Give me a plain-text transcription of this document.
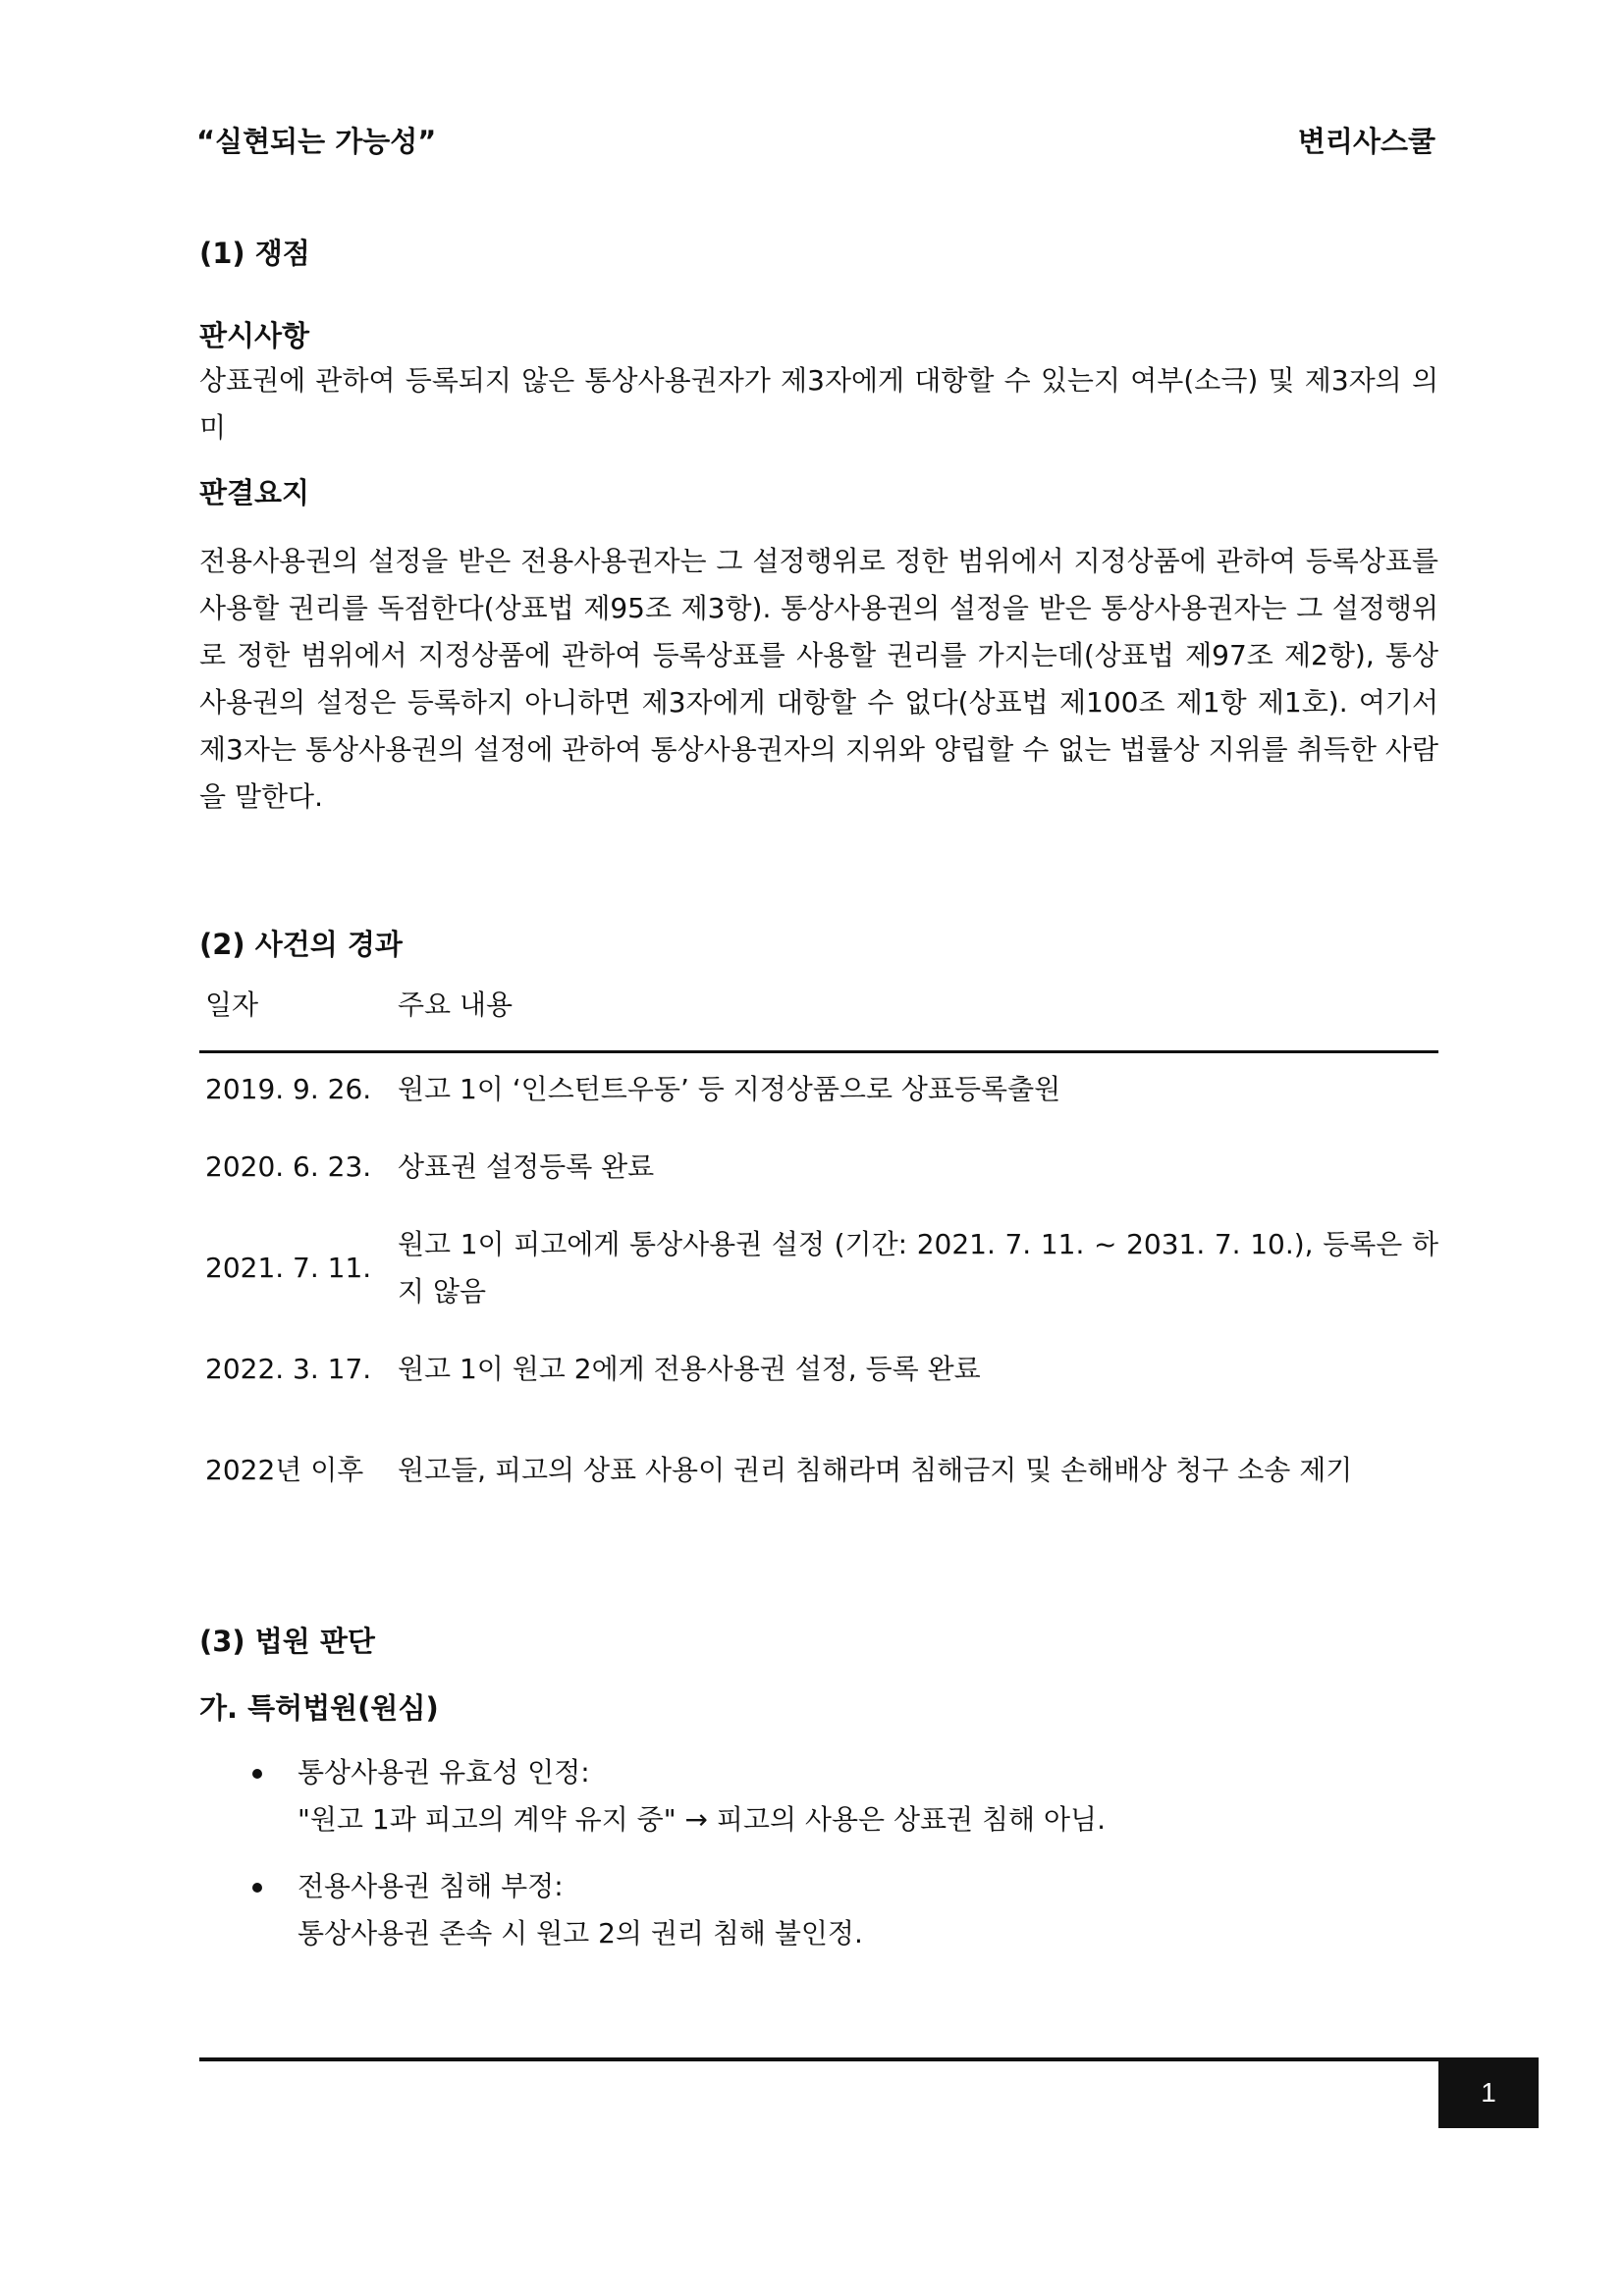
“실현되는 가능성”	변리사스쿨
(1) 쟁점
판시사항

상표권에 관하여 등록되지 않은 통상사용권자가 제3자에게 대항할 수 있는지 여부(소극) 및 제3자의 의미

판결요지

전용사용권의 설정을 받은 전용사용권자는 그 설정행위로 정한 범위에서 지정상품에 관하여 등록상표를 사용할 권리를 독점한다(상표법 제95조 제3항). 통상사용권의 설정을 받은 통상사용권자는 그 설정행위로 정한 범위에서 지정상품에 관하여 등록상표를 사용할 권리를 가지는데(상표법 제97조 제2항), 통상사용권의 설정은 등록하지 아니하면 제3자에게 대항할 수 없다(상표법 제100조 제1항 제1호). 여기서 제3자는 통상사용권의 설정에 관하여 통상사용권자의 지위와 양립할 수 없는 법률상 지위를 취득한 사람을 말한다.

(2) 사건의 경과
일자	주요 내용
2019. 9. 26. 원고 1이 ‘인스턴트우동’ 등 지정상품으로 상표등록출원
2020. 6. 23. 상표권 설정등록 완료
2021. 7. 11.
원고 1이 피고에게 통상사용권 설정 (기간: 2021. 7. 11. ~ 2031. 7. 10.), 등록은 하지 않음
2022. 3. 17. 원고 1이 원고 2에게 전용사용권 설정, 등록 완료
2022년 이후	원고들, 피고의 상표 사용이 권리 침해라며 침해금지 및 손해배상 청구 소송 제기
(3) 법원 판단
가. 특허법원(원심)
통상사용권 유효성 인정:
"원고 1과 피고의 계약 유지 중" → 피고의 사용은 상표권 침해 아님.
전용사용권 침해 부정:
통상사용권 존속 시 원고 2의 권리 침해 불인정.
1
